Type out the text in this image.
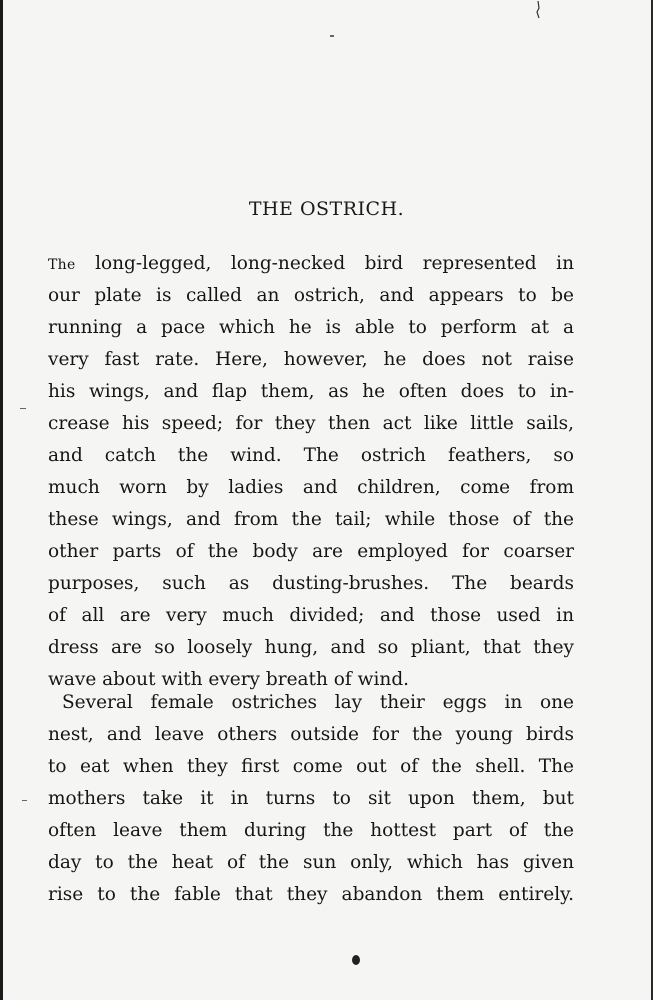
THE OSTRICH.
The long-legged, long-necked bird represented in
our plate is called an ostrich, and appears to be
running a pace which he is able to perform at a
very fast rate. Here, however, he does not raise
his wings, and flap them, as he often does to in-
crease his speed; for they then act like little sails,
and catch the wind. The ostrich feathers, so
much worn by ladies and children, come from
these wings, and from the tail; while those of the
other parts of the body are employed for coarser
purposes, such as dusting-brushes. The beards
of all are very much divided; and those used in
dress are so loosely hung, and so pliant, that they
wave about with every breath of wind.
Several female ostriches lay their eggs in one
nest, and leave others outside for the young birds
to eat when they first come out of the shell. The
mothers take it in turns to sit upon them, but
often leave them during the hottest part of the
day to the heat of the sun only, which has given
rise to the fable that they abandon them entirely.
